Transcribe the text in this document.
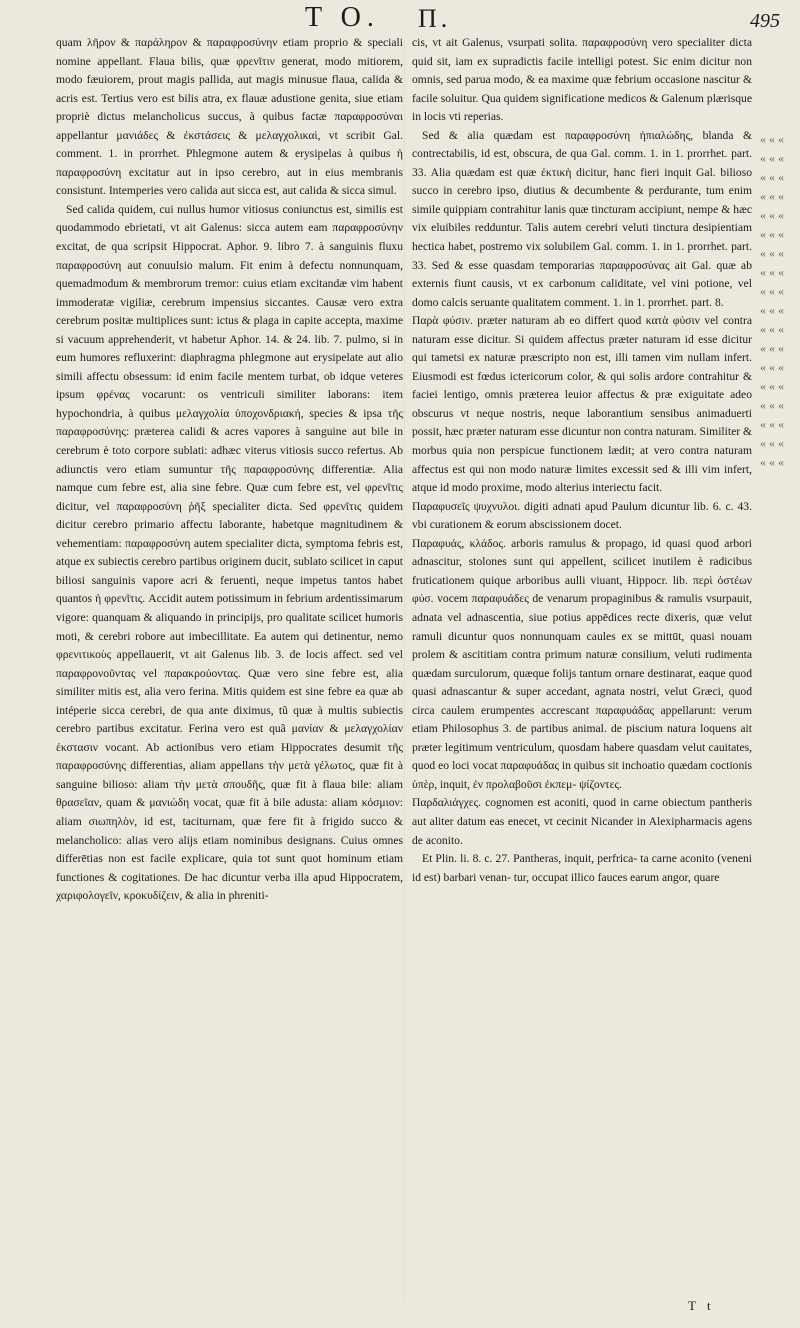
T O. Π.	495

quam λῆρον & παράληρον & παραφροσύνην etiam proprio & speciali nomine appellant. Flaua bilis, quæ φρενῖτιν generat, modo mitiorem, modo fæuiorem, prout magis pallida, aut magis minusue flaua, calida & acris est. Tertius vero est bilis atra, ex flauæ adustione genita, siue etiam propriè dictus melancholicus succus, à quibus factæ παραφροσύναι appellantur μανιάδες & ἐκστάσεις & μελαγχολικαὶ, vt scribit Gal. comment. 1. in prorrhet. Phlegmone autem & erysipelas à quibus ἡ παραφροσύνη excitatur aut in ipso cerebro, aut in eius membranis consistunt. Intemperies vero calida aut sicca est, aut calida & sicca simul.

Sed calida quidem, cui nullus humor vitiosus coniunctus est, similis est quodammodo ebrietati, vt ait Galenus: sicca autem eam παραφροσύνην excitat, de qua scripsit Hippocrat. Aphor. 9. libro 7. à sanguinis fluxu παραφροσύνη aut conuulsio malum. Fit enim à defectu nonnunquam, quemadmodum & membrorum tremor: cuius etiam excitandæ vim habent immoderatæ vigiliæ, cerebrum impensius siccantes. Causæ vero extra cerebrum positæ multiplices sunt: ictus & plaga in capite accepta, maxime si vacuum apprehenderit, vt habetur Aphor. 14. & 24. lib. 7. pulmo, si in eum humores refluxerint: diaphragma phlegmone aut erysipelate aut alio simili affectu obsessum: id enim facile mentem turbat, ob idque veteres ipsum φρένας vocarunt: os ventriculi similiter laborans: item hypochondria, à quibus μελαγχολία ὑποχονδριακή, species & ipsa τῆς παραφροσύνης: præterea calidi & acres vapores à sanguine aut bile in cerebrum è toto corpore sublati: adhæc viterus vitiosis succo refertus. Ab adiunctis vero etiam sumuntur τῆς παραφροσύνης differentiæ. Alia namque cum febre est, alia sine febre. Quæ cum febre est, vel φρενῖτις dicitur, vel παραφροσύνη ῥῆξ specialiter dicta. Sed φρενῖτις quidem dicitur cerebro primario affectu laborante, habetque magnitudinem & vehementiam: παραφροσύνη autem specialiter dicta, symptoma febris est, atque ex subiectis cerebro partibus originem ducit, sublato scilicet in caput biliosi sanguinis vapore acri & feruenti, neque impetus tantos habet quantos ἡ φρενῖτις. Accidit autem potissimum in febrium ardentissimarum vigore: quanquam & aliquando in principijs, pro qualitate scilicet humoris moti, & cerebri robore aut imbecillitate. Ea autem qui detinentur, nemo φρενιτικοὺς appellauerit, vt ait Galenus lib. 3. de locis affect. sed vel παραφρονοῦντας vel παρακρούοντας. Quæ vero sine febre est, alia similiter mitis est, alia vero ferina. Mitis quidem est sine febre ea quæ ab intéperie sicca cerebri, de qua ante diximus, tũ quæ à multis subiectis cerebro partibus excitatur. Ferina vero est quã μανίαν & μελαγχολίαν ἐκστασιν vocant. Ab actionibus vero etiam Hippocrates desumit τῆς παραφροσύνης differentias, aliam appellans τὴν μετὰ γέλωτος, quæ fit à sanguine bilioso: aliam τὴν μετὰ σπουδῆς, quæ fit à flaua bile: aliam θρασεῖαν, quam & μανιώδη vocat, quæ fit à bile adusta: aliam κόσμιον: aliam σιωπηλὸν, id est, taciturnam, quæ fere fit à frigido succo & melancholico: alias vero alijs etiam nominibus designans. Cuius omnes differētias non est facile explicare, quia tot sunt quot hominum etiam functiones & cogitationes. De hac dicuntur verba illa apud Hippocratem, χαριφολογεῖν, κροκυδίζειν, & alia in phreniti-

cis, vt ait Galenus, vsurpati solita. παραφροσύνη vero specialiter dicta quid sit, iam ex supradictis facile intelligi potest. Sic enim dicitur non omnis, sed parua modo, & ea maxime quæ febrium occasione nascitur & facile soluitur. Qua quidem significatione medicos & Galenum plærisque in locis vti reperias.

Sed & alia quædam est παραφροσύνη ἡπιαλώδης, blanda & contrectabilis, id est, obscura, de qua Gal. comm. 1. in 1. prorrhet. part. 33. Alia quædam est quæ ἐκτικὴ dicitur, hanc fieri inquit Gal. bilioso succo in cerebro ipso, diutius & decumbente & perdurante, tum enim simile quippiam contrahitur lanis quæ tincturam accipiunt, nempe & hæc vix eluibiles redduntur. Talis autem cerebri veluti tinctura desipientiam hectica habet, postremo vix solubilem Gal. comm. 1. in 1. prorrhet. part. 33. Sed & esse quasdam temporarias παραφροσύνας ait Gal. quæ ab externis fiunt causis, vt ex carbonum caliditate, vel vini potione, vel domo calcis seruante qualitatem comment. 1. in 1. prorrhet. part. 8.

Παρὰ φύσιν. præter naturam ab eo differt quod κατὰ φύσιν vel contra naturam esse dicitur. Si quidem affectus præter naturam id esse dicitur qui tametsi ex naturæ præscripto non est, illi tamen vim nullam infert. Eiusmodi est fœdus ictericorum color, & qui solis ardore contrahitur & faciei lentigo, omnis præterea leuior affectus & præ exiguitate adeo obscurus vt neque nostris, neque laborantium sensibus animaduerti possit, hæc præter naturam esse dicuntur non contra naturam. Similiter & morbus quia non perspicue functionem lædit; at vero contra naturam affectus est qui non modo naturæ limites excessit sed & illi vim infert, atque id modo proxime, modo alterius interiectu facit.

Παραφυσεῖς ψυχνυλοι. digiti adnati apud Paulum dicuntur lib. 6. c. 43. vbi curationem & eorum abscissionem docet.

Παραφυάς, κλάδος. arboris ramulus & propago, id quasi quod arbori adnascitur, stolones sunt qui appellent, scilicet inutilem è radicibus fruticationem quique arboribus aulli viuant, Hippocr. lib. περὶ ὀστέων φύσ. vocem παραφυάδες de venarum propaginibus & ramulis vsurpauit, adnata vel adnascentia, siue potius appēdices recte dixeris, quæ velut ramuli dicuntur quos nonnunquam caules ex se mittūt, quasi nouam prolem & ascititiam contra primum naturæ consilium, veluti rudimenta quædam surculorum, quæque folijs tantum ornare destinarat, eaque quod quasi adnascantur & super accedant, agnata nostri, velut Græci, quod circa caulem erumpentes accrescant παραφυάδας appellarunt: verum etiam Philosophus 3. de partibus animal. de piscium natura loquens ait præter legitimum ventriculum, quosdam habere quasdam velut cauitates, quod eo loci vocat παραφυάδας in quibus sit inchoatio quædam coctionis ὑπὲρ, inquit, ἐν προλαβοῦσι ἐκπεμ- ψίζοντες.

Παρδαλιάγχες. cognomen est aconiti, quod in carne obiectum pantheris aut aliter datum eas enecet, vt cecinit Nicander in Alexipharmacis agens de aconito.

Et Plin. li. 8. c. 27. Pantheras, inquit, perfrica- ta carne aconito (veneni id est) barbari venan- tur, occupat illico fauces earum angor, quare

« « « « « « « « « « « « « « « « « « « « « « « « « « « « « « « « « « « « « « « « « « « « « « « « « « « « « «
T t
